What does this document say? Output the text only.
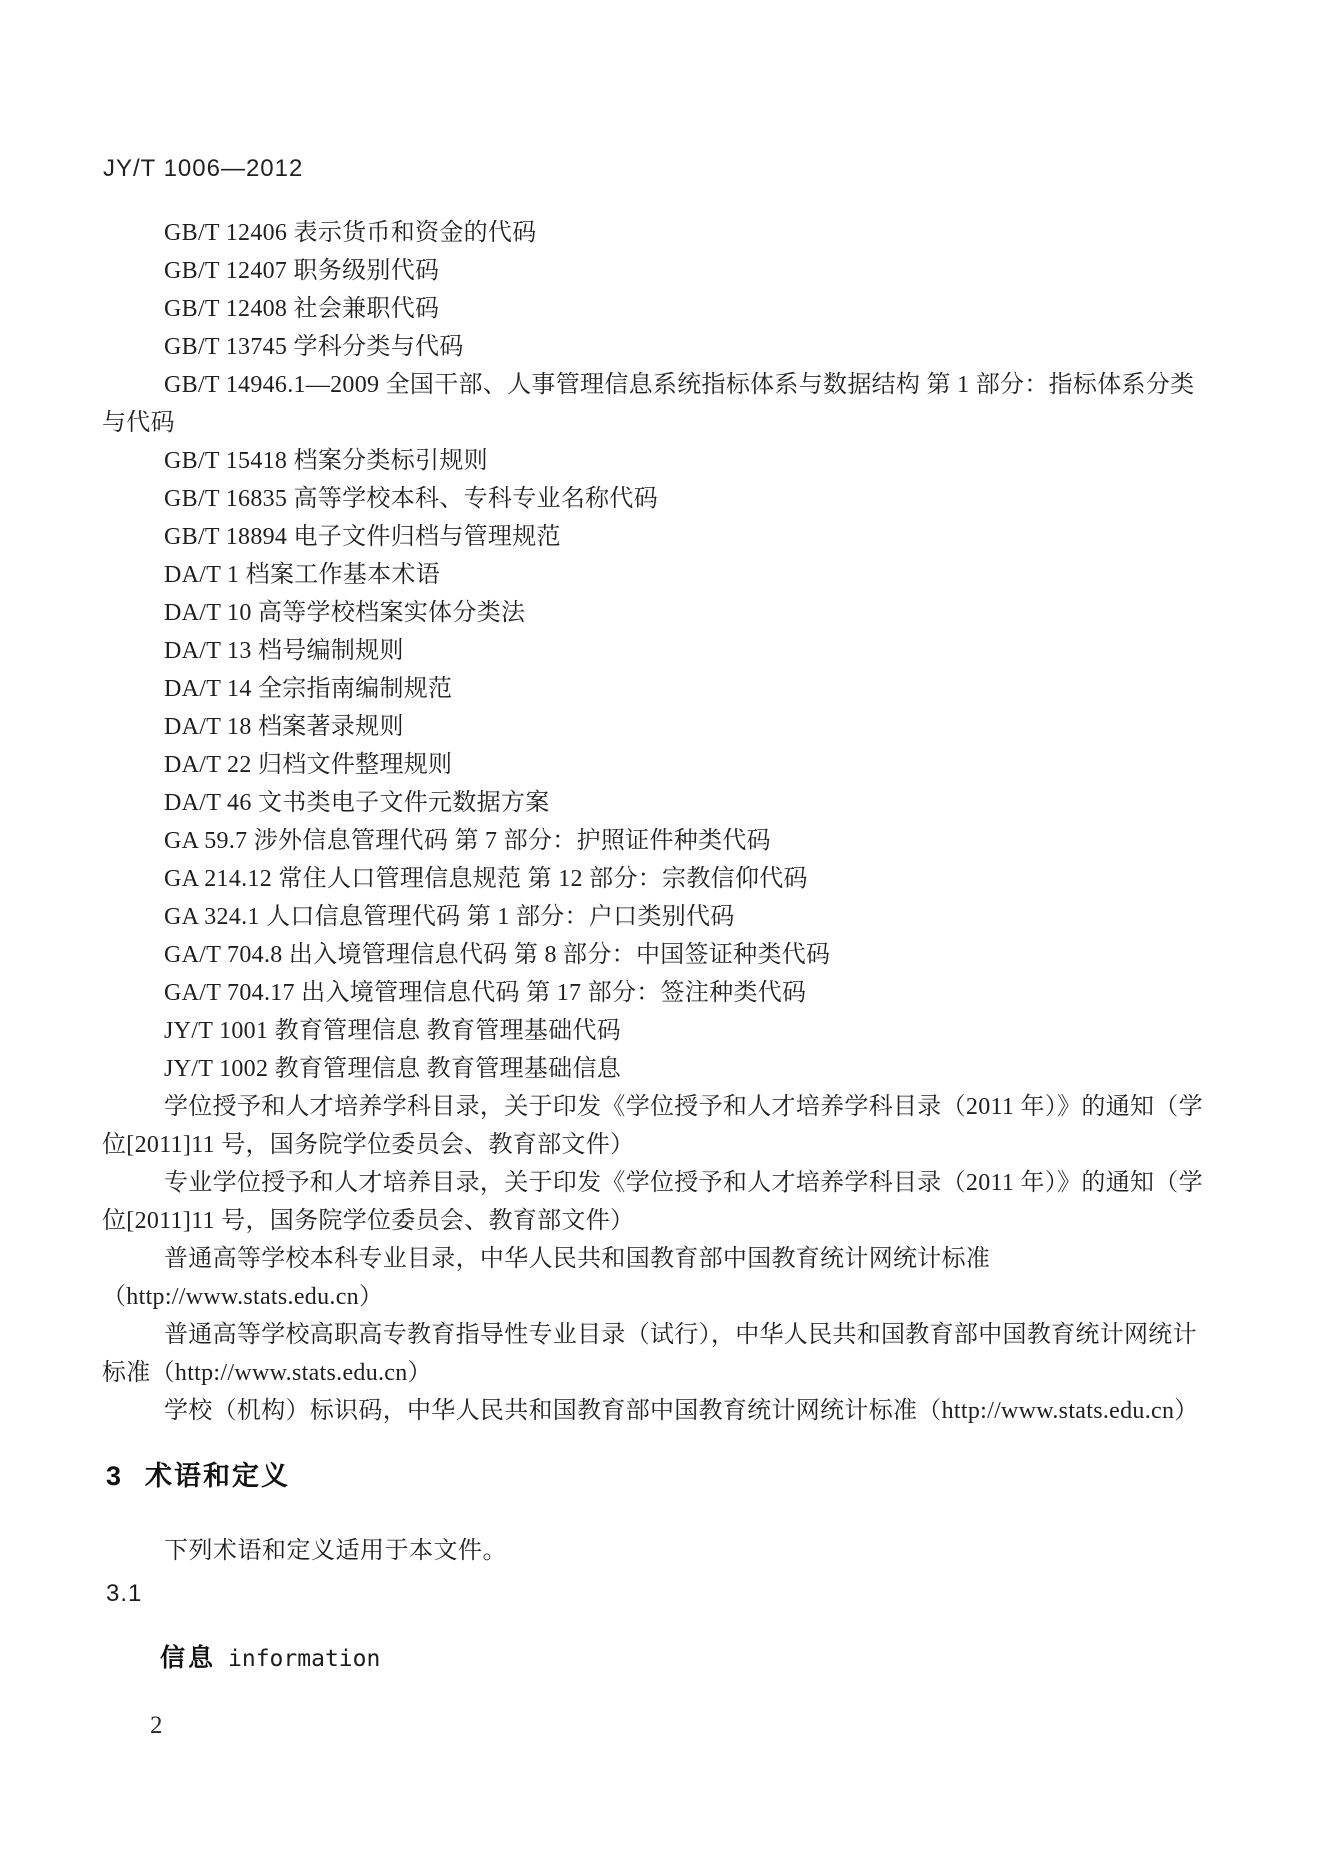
JY/T 1006—2012
GB/T 12406 表示货币和资金的代码
GB/T 12407 职务级别代码
GB/T 12408 社会兼职代码
GB/T 13745 学科分类与代码
GB/T 14946.1—2009 全国干部、人事管理信息系统指标体系与数据结构 第 1 部分：指标体系分类
与代码
GB/T 15418 档案分类标引规则
GB/T 16835 高等学校本科、专科专业名称代码
GB/T 18894 电子文件归档与管理规范
DA/T 1 档案工作基本术语
DA/T 10 高等学校档案实体分类法
DA/T 13 档号编制规则
DA/T 14 全宗指南编制规范
DA/T 18 档案著录规则
DA/T 22 归档文件整理规则
DA/T 46 文书类电子文件元数据方案
GA 59.7 涉外信息管理代码 第 7 部分：护照证件种类代码
GA 214.12 常住人口管理信息规范 第 12 部分：宗教信仰代码
GA 324.1 人口信息管理代码 第 1 部分：户口类别代码
GA/T 704.8 出入境管理信息代码 第 8 部分：中国签证种类代码
GA/T 704.17 出入境管理信息代码 第 17 部分：签注种类代码
JY/T 1001 教育管理信息 教育管理基础代码
JY/T 1002 教育管理信息 教育管理基础信息
学位授予和人才培养学科目录，关于印发《学位授予和人才培养学科目录（2011 年）》的通知（学
位[2011]11 号，国务院学位委员会、教育部文件）
专业学位授予和人才培养目录，关于印发《学位授予和人才培养学科目录（2011 年）》的通知（学
位[2011]11 号，国务院学位委员会、教育部文件）
普通高等学校本科专业目录，中华人民共和国教育部中国教育统计网统计标准
（http://www.stats.edu.cn）
普通高等学校高职高专教育指导性专业目录（试行），中华人民共和国教育部中国教育统计网统计
标准（http://www.stats.edu.cn）
学校（机构）标识码，中华人民共和国教育部中国教育统计网统计标准（http://www.stats.edu.cn）
3 术语和定义
下列术语和定义适用于本文件。
3.1
信息 information
2
